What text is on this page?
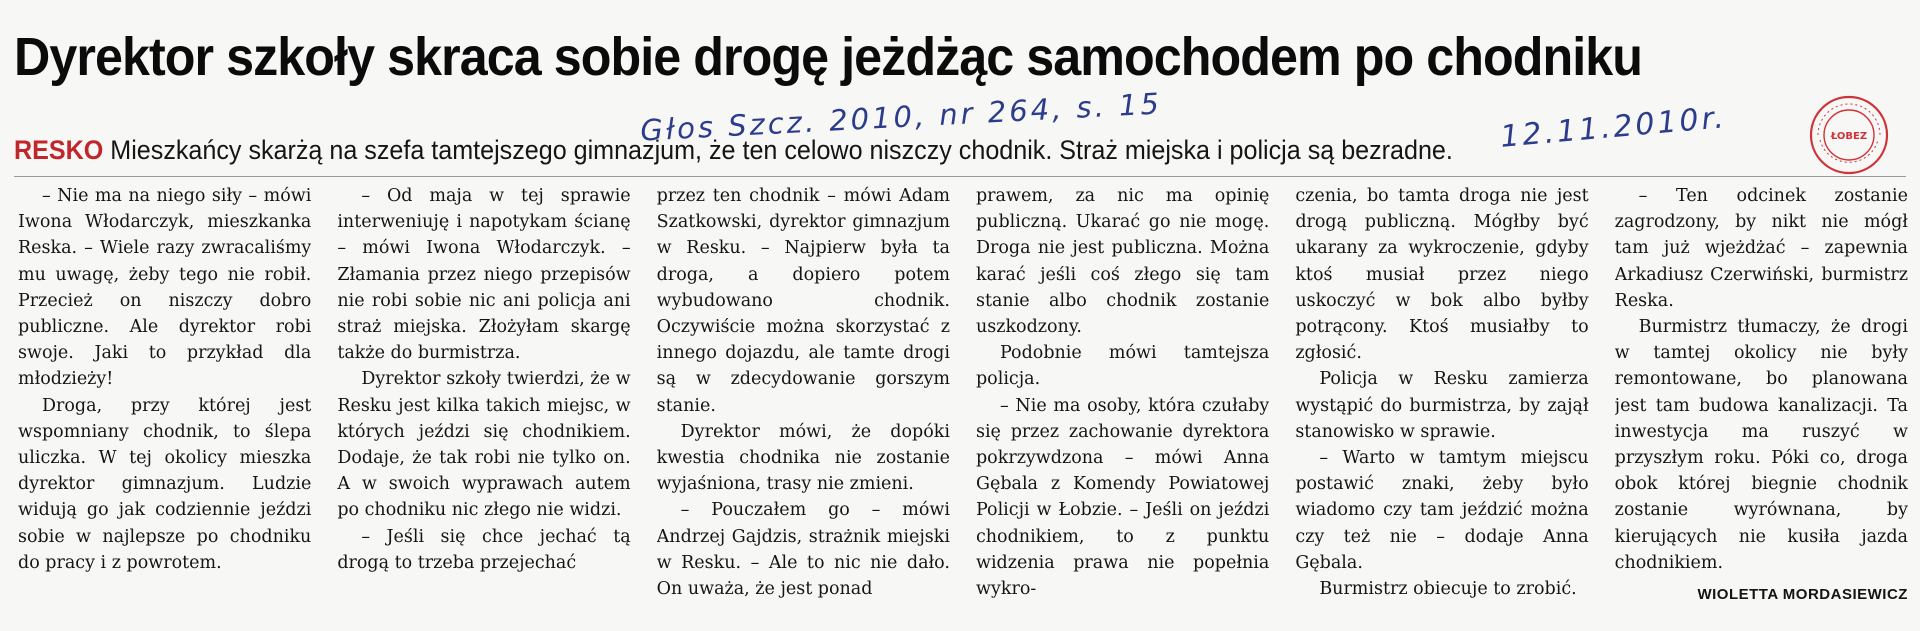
Dyrektor szkoły skraca sobie drogę jeżdżąc samochodem po chodniku
Głos Szcz. 2010, nr 264, s. 15	12.11.2010r.
RESKO Mieszkańcy skarżą na szefa tamtejszego gimnazjum, że ten celowo niszczy chodnik. Straż miejska i policja są bezradne.	ŁOBEZ

– Nie ma na niego siły – mówi Iwona Włodarczyk, mieszkanka Reska. – Wiele razy zwracaliśmy mu uwagę, żeby tego nie robił. Przecież on niszczy dobro publiczne. Ale dyrektor robi swoje. Jaki to przykład dla młodzieży!

Droga, przy której jest wspomniany chodnik, to ślepa uliczka. W tej okolicy mieszka dyrektor gimnazjum. Ludzie widują go jak codziennie jeździ sobie w najlepsze po chodniku do pracy i z powrotem.

– Od maja w tej sprawie interweniuję i napotykam ścianę – mówi Iwona Włodarczyk. – Złamania przez niego przepisów nie robi sobie nic ani policja ani straż miejska. Złożyłam skargę także do burmistrza.

Dyrektor szkoły twierdzi, że w Resku jest kilka takich miejsc, w których jeździ się chodnikiem. Dodaje, że tak robi nie tylko on. A w swoich wyprawach autem po chodniku nic złego nie widzi.

– Jeśli się chce jechać tą drogą to trzeba przejechać

przez ten chodnik – mówi Adam Szatkowski, dyrektor gimnazjum w Resku. – Najpierw była ta droga, a dopiero potem wybudowano chodnik. Oczywiście można skorzystać z innego dojazdu, ale tamte drogi są w zdecydowanie gorszym stanie.

Dyrektor mówi, że dopóki kwestia chodnika nie zostanie wyjaśniona, trasy nie zmieni.

– Pouczałem go – mówi Andrzej Gajdzis, strażnik miejski w Resku. – Ale to nic nie dało. On uważa, że jest ponad

prawem, za nic ma opinię publiczną. Ukarać go nie mogę. Droga nie jest publiczna. Można karać jeśli coś złego się tam stanie albo chodnik zostanie uszkodzony.

Podobnie mówi tamtejsza policja.

– Nie ma osoby, która czułaby się przez zachowanie dyrektora pokrzywdzona – mówi Anna Gębala z Komendy Powiatowej Policji w Łobzie. – Jeśli on jeździ chodnikiem, to z punktu widzenia prawa nie popełnia wykro-

czenia, bo tamta droga nie jest drogą publiczną. Mógłby być ukarany za wykroczenie, gdyby ktoś musiał przez niego uskoczyć w bok albo byłby potrącony. Ktoś musiałby to zgłosić.

Policja w Resku zamierza wystąpić do burmistrza, by zajął stanowisko w sprawie.

– Warto w tamtym miejscu postawić znaki, żeby było wiadomo czy tam jeździć można czy też nie – dodaje Anna Gębala.

Burmistrz obiecuje to zrobić.

– Ten odcinek zostanie zagrodzony, by nikt nie mógł tam już wjeżdżać – zapewnia Arkadiusz Czerwiński, burmistrz Reska.

Burmistrz tłumaczy, że drogi w tamtej okolicy nie były remontowane, bo planowana jest tam budowa kanalizacji. Ta inwestycja ma ruszyć w przyszłym roku. Póki co, droga obok której biegnie chodnik zostanie wyrównana, by kierujących nie kusiła jazda chodnikiem.

WIOLETTA MORDASIEWICZ
